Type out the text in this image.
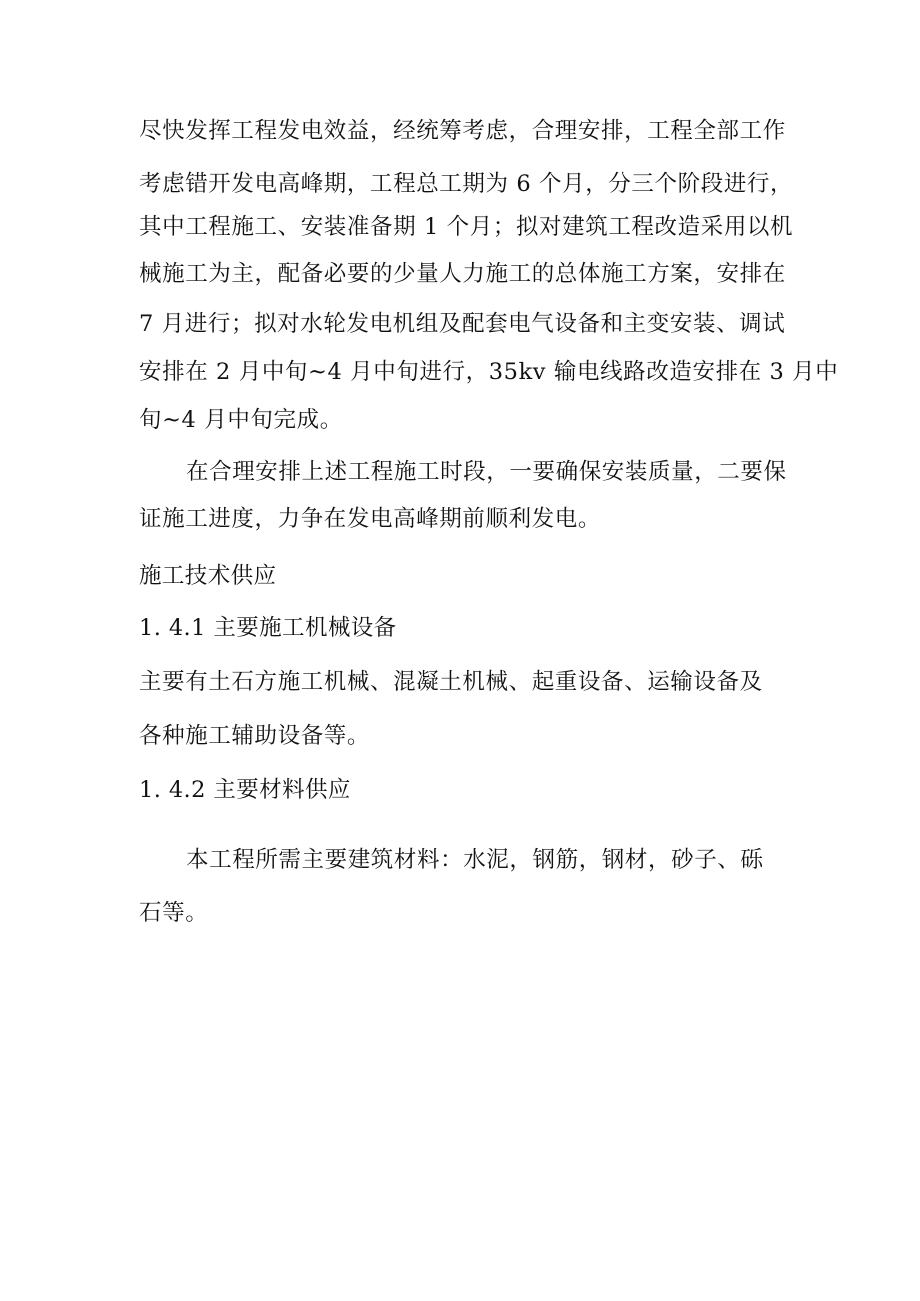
尽快发挥工程发电效益，经统筹考虑，合理安排，工程全部工作
考虑错开发电高峰期，工程总工期为 6 个月，分三个阶段进行，
其中工程施工、安装准备期 1 个月；拟对建筑工程改造采用以机
械施工为主，配备必要的少量人力施工的总体施工方案，安排在
7 月进行；拟对水轮发电机组及配套电气设备和主变安装、调试
安排在 2 月中旬~4 月中旬进行，35kv 输电线路改造安排在 3 月中
旬~4 月中旬完成。
在合理安排上述工程施工时段，一要确保安装质量，二要保
证施工进度，力争在发电高峰期前顺利发电。
施工技术供应
1. 4.1 主要施工机械设备
主要有土石方施工机械、混凝土机械、起重设备、运输设备及
各种施工辅助设备等。
1. 4.2 主要材料供应
本工程所需主要建筑材料：水泥，钢筋，钢材，砂子、砾
石等。
